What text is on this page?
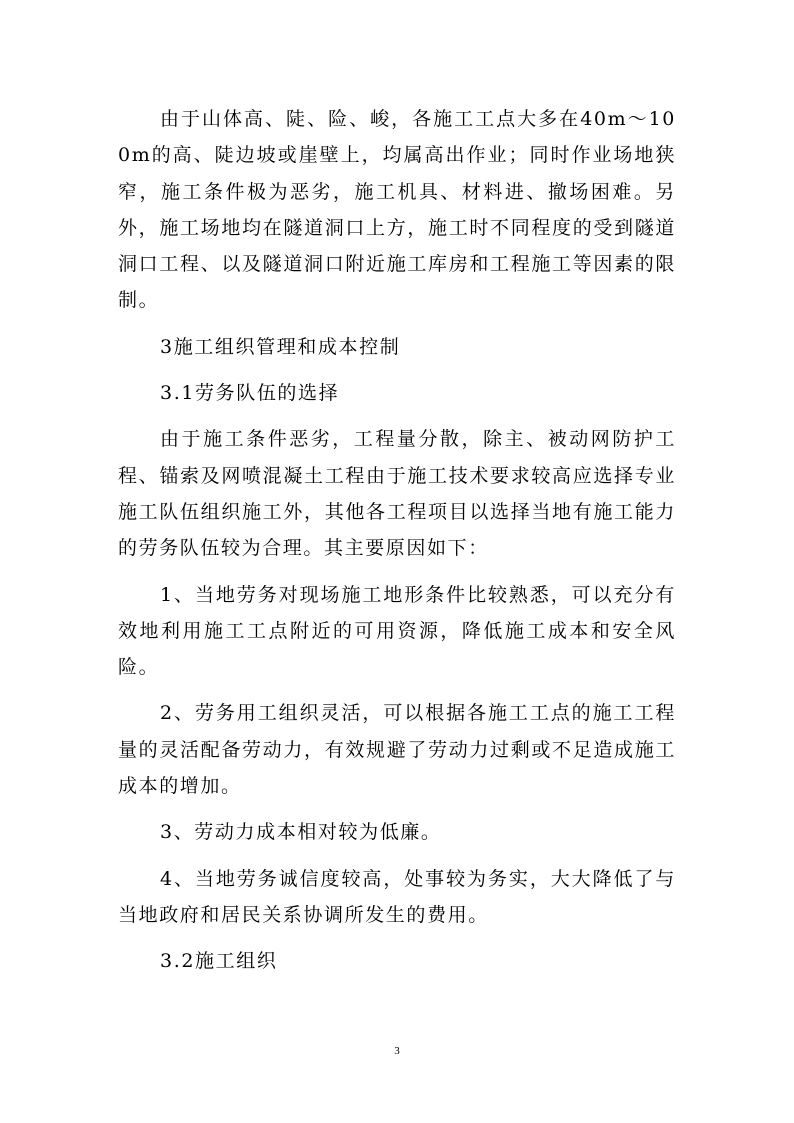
由于山体高、陡、险、峻，各施工工点大多在40m～100m的高、陡边坡或崖壁上，均属高出作业；同时作业场地狭窄，施工条件极为恶劣，施工机具、材料进、撤场困难。另外，施工场地均在隧道洞口上方，施工时不同程度的受到隧道洞口工程、以及隧道洞口附近施工库房和工程施工等因素的限制。

3施工组织管理和成本控制

3.1劳务队伍的选择

由于施工条件恶劣，工程量分散，除主、被动网防护工程、锚索及网喷混凝土工程由于施工技术要求较高应选择专业施工队伍组织施工外，其他各工程项目以选择当地有施工能力的劳务队伍较为合理。其主要原因如下：

1、当地劳务对现场施工地形条件比较熟悉，可以充分有效地利用施工工点附近的可用资源，降低施工成本和安全风险。

2、劳务用工组织灵活，可以根据各施工工点的施工工程量的灵活配备劳动力，有效规避了劳动力过剩或不足造成施工成本的增加。

3、劳动力成本相对较为低廉。

4、当地劳务诚信度较高，处事较为务实，大大降低了与当地政府和居民关系协调所发生的费用。

3.2施工组织

3
